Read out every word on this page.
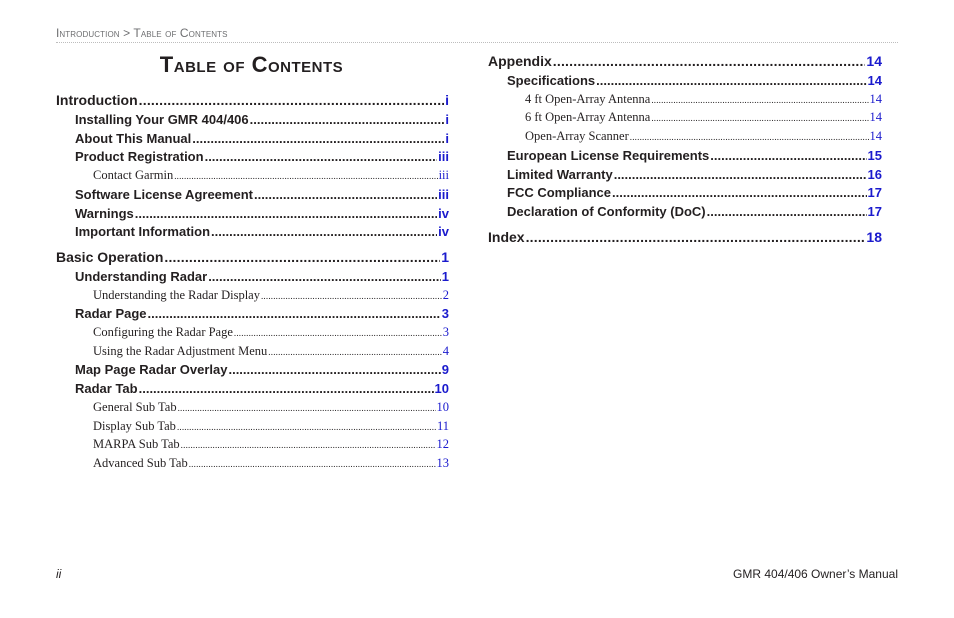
Introduction > Table of Contents
Table of Contents
Introduction .....	i
Installing Your GMR 404/406 .....	i
About This Manual .....	i
Product Registration .....	iii
Contact Garmin .....	iii
Software License Agreement .....	iii
Warnings .....	iv
Important Information .....	iv
Basic Operation .....	1
Understanding Radar .....	1
Understanding the Radar Display .....	2
Radar Page .....	3
Configuring the Radar Page .....	3
Using the Radar Adjustment Menu .....	4
Map Page Radar Overlay .....	9
Radar Tab .....	10
General Sub Tab .....	10
Display Sub Tab .....	11
MARPA Sub Tab .....	12
Advanced Sub Tab .....	13
Appendix .....	14
Specifications .....	14
4 ft Open-Array Antenna .....	14
6 ft Open-Array Antenna .....	14
Open-Array Scanner .....	14
European License Requirements .....	15
Limited Warranty .....	16
FCC Compliance .....	17
Declaration of Conformity (DoC) .....	17
Index .....	18
ii	GMR 404/406 Owner’s Manual
